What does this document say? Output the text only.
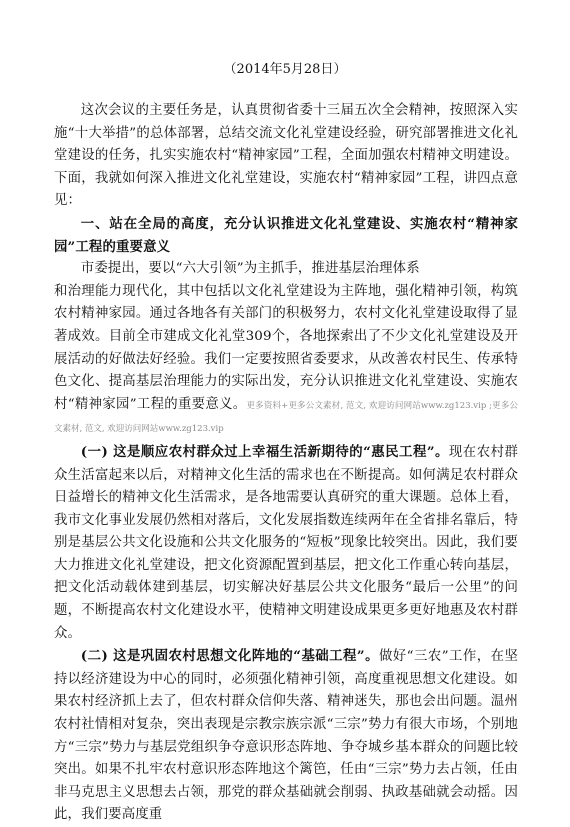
（2014年5月28日）

这次会议的主要任务是，认真贯彻省委十三届五次全会精神，按照深入实施“十大举措”的总体部署，总结交流文化礼堂建设经验，研究部署推进文化礼堂建设的任务，扎实实施农村“精神家园”工程，全面加强农村精神文明建设。下面，我就如何深入推进文化礼堂建设，实施农村“精神家园”工程，讲四点意见：

一、站在全局的高度，充分认识推进文化礼堂建设、实施农村“精神家园”工程的重要意义

市委提出，要以“六大引领”为主抓手，推进基层治理体系

和治理能力现代化，其中包括以文化礼堂建设为主阵地，强化精神引领，构筑农村精神家园。通过各地各有关部门的积极努力，农村文化礼堂建设取得了显著成效。目前全市建成文化礼堂309个，各地探索出了不少文化礼堂建设及开展活动的好做法好经验。我们一定要按照省委要求，从改善农村民生、传承特色文化、提高基层治理能力的实际出发，充分认识推进文化礼堂建设、实施农村“精神家园”工程的重要意义。更多资料+更多公文素材, 范文, 欢迎访问网站www.zg123.vip ;更多公文素材, 范文, 欢迎访问网站www.zg123.vip

(一) 这是顺应农村群众过上幸福生活新期待的“惠民工程”。现在农村群众生活富起来以后，对精神文化生活的需求也在不断提高。如何满足农村群众日益增长的精神文化生活需求，是各地需要认真研究的重大课题。总体上看，我市文化事业发展仍然相对落后，文化发展指数连续两年在全省排名靠后，特别是基层公共文化设施和公共文化服务的“短板”现象比较突出。因此，我们要大力推进文化礼堂建设，把文化资源配置到基层，把文化工作重心转向基层，把文化活动载体建到基层，切实解决好基层公共文化服务“最后一公里”的问题，不断提高农村文化建设水平，使精神文明建设成果更多更好地惠及农村群众。

(二) 这是巩固农村思想文化阵地的“基础工程”。做好“三农”工作，在坚持以经济建设为中心的同时，必须强化精神引领，高度重视思想文化建设。如果农村经济抓上去了，但农村群众信仰失落、精神迷失，那也会出问题。温州农村社情相对复杂，突出表现是宗教宗族宗派“三宗”势力有很大市场，个别地方“三宗”势力与基层党组织争夺意识形态阵地、争夺城乡基本群众的问题比较突出。如果不扎牢农村意识形态阵地这个篱笆，任由“三宗”势力去占领，任由非马克思主义思想去占领，那党的群众基础就会削弱、执政基础就会动摇。因此，我们要高度重
